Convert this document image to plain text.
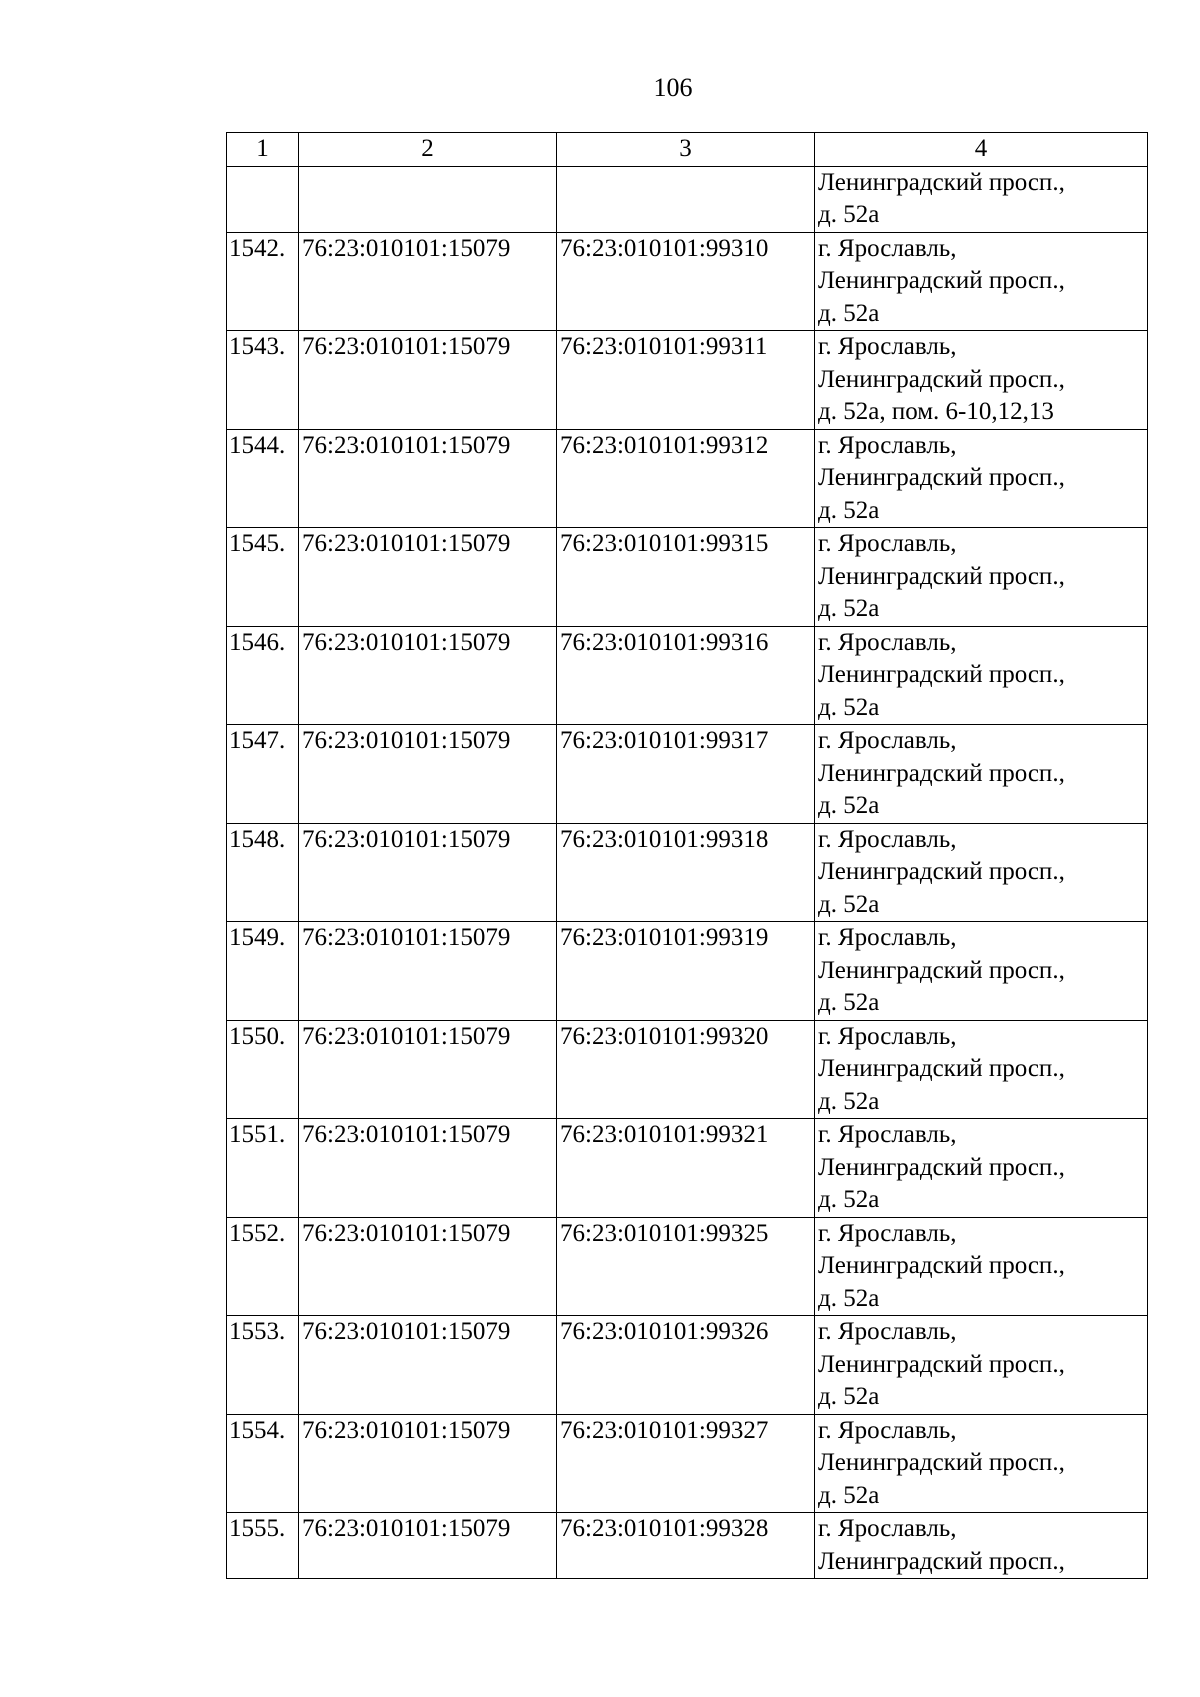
106
1	2	3	4

			Ленинградский просп.,
д. 52а

1542.	76:23:010101:15079	76:23:010101:99310	г. Ярославль,
Ленинградский просп.,
д. 52а

1543.	76:23:010101:15079	76:23:010101:99311	г. Ярославль,
Ленинградский просп.,
д. 52а, пом. 6-10,12,13

1544.	76:23:010101:15079	76:23:010101:99312	г. Ярославль,
Ленинградский просп.,
д. 52а

1545.	76:23:010101:15079	76:23:010101:99315	г. Ярославль,
Ленинградский просп.,
д. 52а

1546.	76:23:010101:15079	76:23:010101:99316	г. Ярославль,
Ленинградский просп.,
д. 52а

1547.	76:23:010101:15079	76:23:010101:99317	г. Ярославль,
Ленинградский просп.,
д. 52а

1548.	76:23:010101:15079	76:23:010101:99318	г. Ярославль,
Ленинградский просп.,
д. 52а

1549.	76:23:010101:15079	76:23:010101:99319	г. Ярославль,
Ленинградский просп.,
д. 52а

1550.	76:23:010101:15079	76:23:010101:99320	г. Ярославль,
Ленинградский просп.,
д. 52а

1551.	76:23:010101:15079	76:23:010101:99321	г. Ярославль,
Ленинградский просп.,
д. 52а

1552.	76:23:010101:15079	76:23:010101:99325	г. Ярославль,
Ленинградский просп.,
д. 52а

1553.	76:23:010101:15079	76:23:010101:99326	г. Ярославль,
Ленинградский просп.,
д. 52а

1554.	76:23:010101:15079	76:23:010101:99327	г. Ярославль,
Ленинградский просп.,
д. 52а

1555.	76:23:010101:15079	76:23:010101:99328	г. Ярославль,
Ленинградский просп.,
